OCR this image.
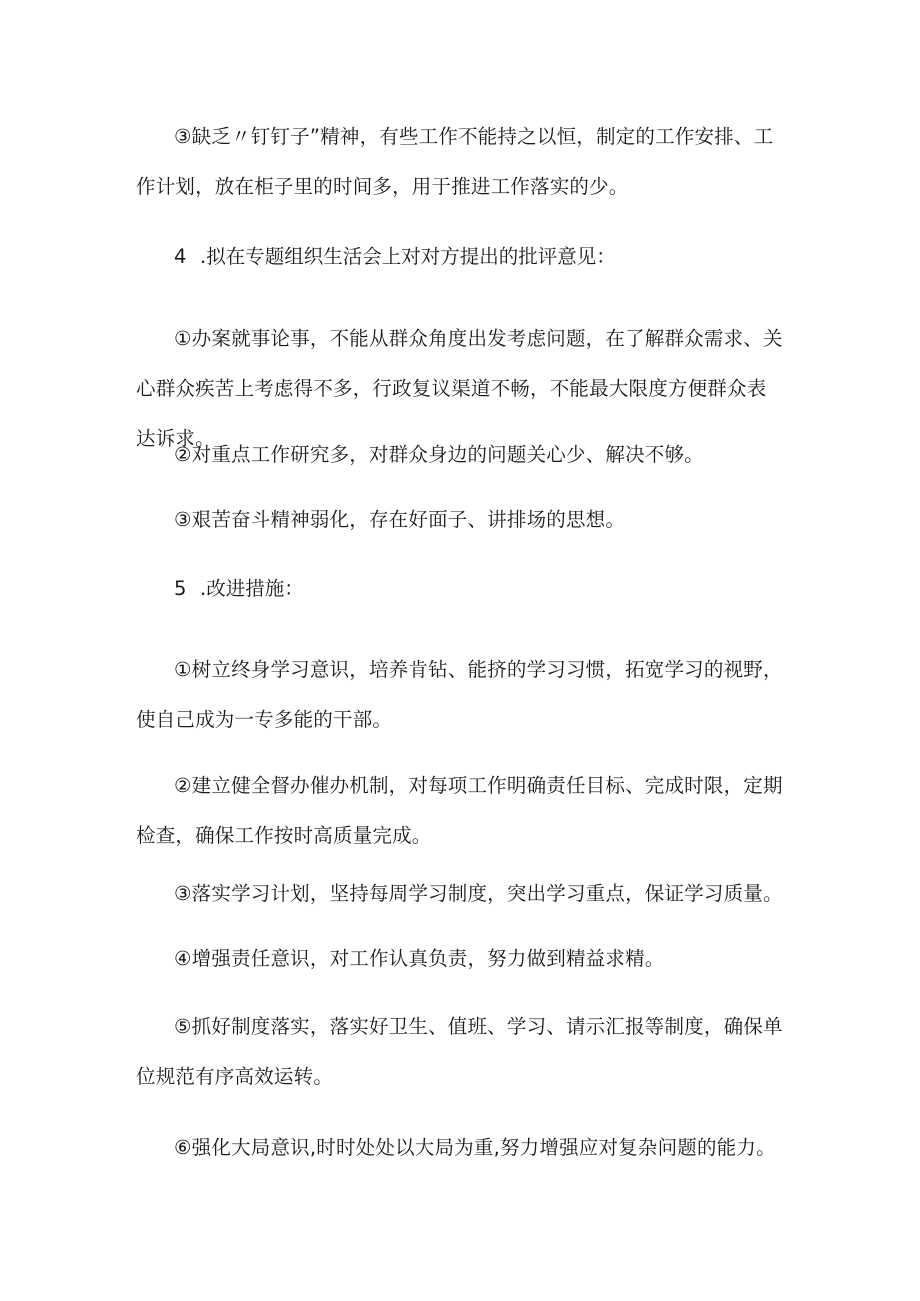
③缺乏〃钉钉子”精神，有些工作不能持之以恒，制定的工作安排、工作计划，放在柜子里的时间多，用于推进工作落实的少。

4 .拟在专题组织生活会上对对方提出的批评意见：

①办案就事论事，不能从群众角度出发考虑问题，在了解群众需求、关心群众疾苦上考虑得不多，行政复议渠道不畅，不能最大限度方便群众表达诉求。

②对重点工作研究多，对群众身边的问题关心少、解决不够。

③艰苦奋斗精神弱化，存在好面子、讲排场的思想。

5 .改进措施：

①树立终身学习意识，培养肯钻、能挤的学习习惯，拓宽学习的视野，使自己成为一专多能的干部。

②建立健全督办催办机制，对每项工作明确责任目标、完成时限，定期检查，确保工作按时高质量完成。

③落实学习计划，坚持每周学习制度，突出学习重点，保证学习质量。

④增强责任意识，对工作认真负责，努力做到精益求精。

⑤抓好制度落实，落实好卫生、值班、学习、请示汇报等制度，确保单位规范有序高效运转。

⑥强化大局意识,时时处处以大局为重,努力增强应对复杂问题的能力。
